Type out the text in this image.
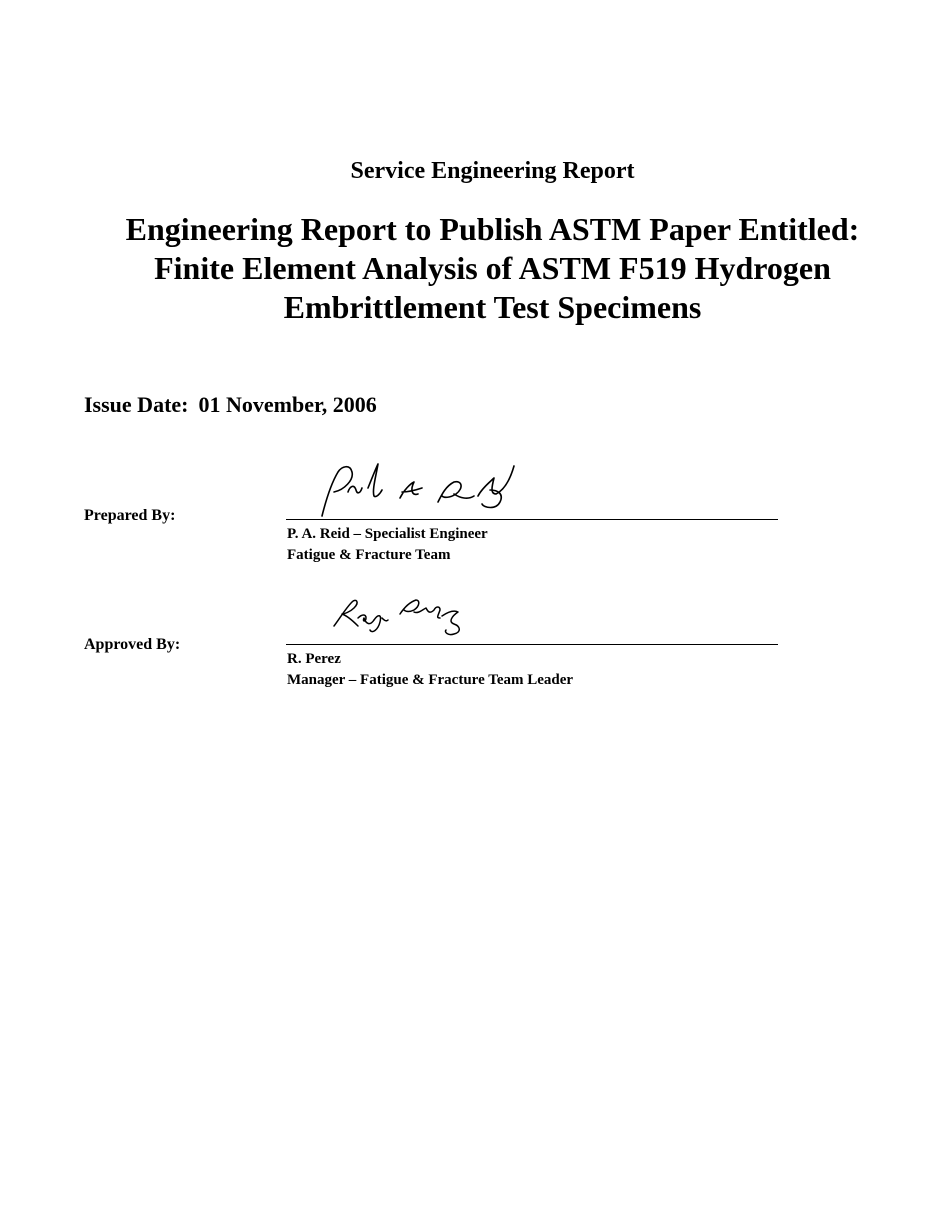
Service Engineering Report
Engineering Report to Publish ASTM Paper Entitled:
Finite Element Analysis of ASTM F519 Hydrogen
Embrittlement Test Specimens
Issue Date: 01 November, 2006
Prepared By:
P. A. Reid – Specialist Engineer
Fatigue & Fracture Team
Approved By:
R. Perez
Manager – Fatigue & Fracture Team Leader
